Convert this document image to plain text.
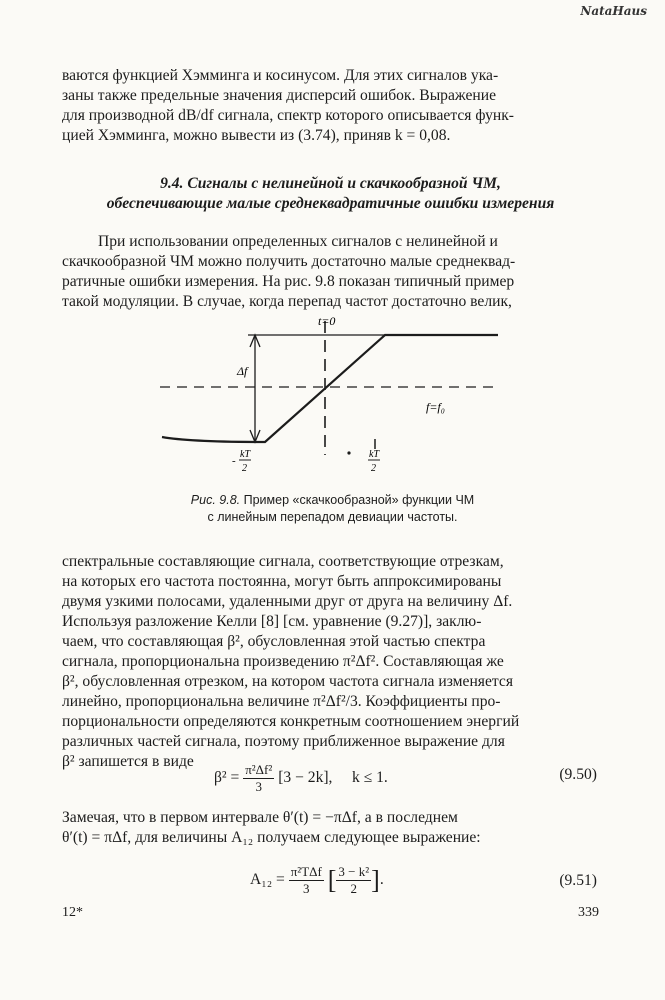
NataHaus
ваются функцией Хэмминга и косинусом. Для этих сигналов ука-
заны также предельные значения дисперсий ошибок. Выражение
для производной dB/df сигнала, спектр которого описывается функ-
цией Хэмминга, можно вывести из (3.74), приняв k = 0,08.
9.4. Сигналы с нелинейной и скачкообразной ЧМ,
обеспечивающие малые среднеквадратичные ошибки измерения
При использовании определенных сигналов с нелинейной и
скачкообразной ЧМ можно получить достаточно малые среднеквад-
ратичные ошибки измерения. На рис. 9.8 показан типичный пример
такой модуляции. В случае, когда перепад частот достаточно велик,
t=0
Δf
f=f₀
-
kT
2
kT
2
Рис. 9.8. Пример «скачкообразной» функции ЧМ
с линейным перепадом девиации частоты.
спектральные составляющие сигнала, соответствующие отрезкам,
на которых его частота постоянна, могут быть аппроксимированы
двумя узкими полосами, удаленными друг от друга на величину Δf.
Используя разложение Келли [8] [см. уравнение (9.27)], заклю-
чаем, что составляющая β², обусловленная этой частью спектра
сигнала, пропорциональна произведению π²Δf². Составляющая же
β², обусловленная отрезком, на котором частота сигнала изменяется
линейно, пропорциональна величине π²Δf²/3. Коэффициенты про-
порциональности определяются конкретным соотношением энергий
различных частей сигнала, поэтому приближенное выражение для
β² запишется в виде
$\beta^2 = \frac{\text{π²Δf²}}{3} [3 - 2k]$,     k ≤ 1.	(9.50)
Замечая, что в первом интервале θ′(t) = −πΔf, а в последнем
θ′(t) = πΔf, для величины A₁₂ получаем следующее выражение:
$A_{12} = \frac{\text{π²TΔf}}{3}$ [ $\frac{\text{3 − k²}}{2}$ ].	(9.51)
12*	339
